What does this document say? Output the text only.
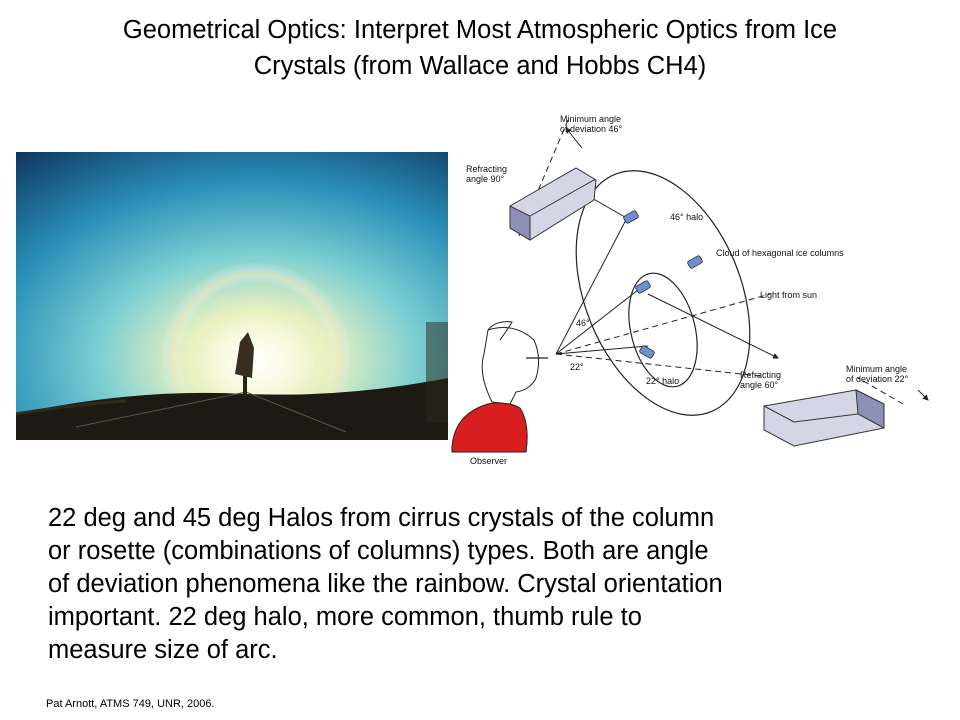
Geometrical Optics: Interpret Most Atmospheric Optics from Ice
Crystals (from Wallace and Hobbs CH4)
Minimum angle
of deviation 46°
Refracting
angle 90°
46° halo
Cloud of hexagonal ice columns
Light from sun
46°
22°
22° halo
Refracting
angle 60°
Minimum angle
of deviation 22°
Observer
22 deg and 45 deg Halos from cirrus crystals of the column
or rosette (combinations of columns) types. Both are angle
of deviation phenomena like the rainbow. Crystal orientation
important. 22 deg halo, more common, thumb rule to
measure size of arc.
Pat Arnott, ATMS 749, UNR, 2006.
